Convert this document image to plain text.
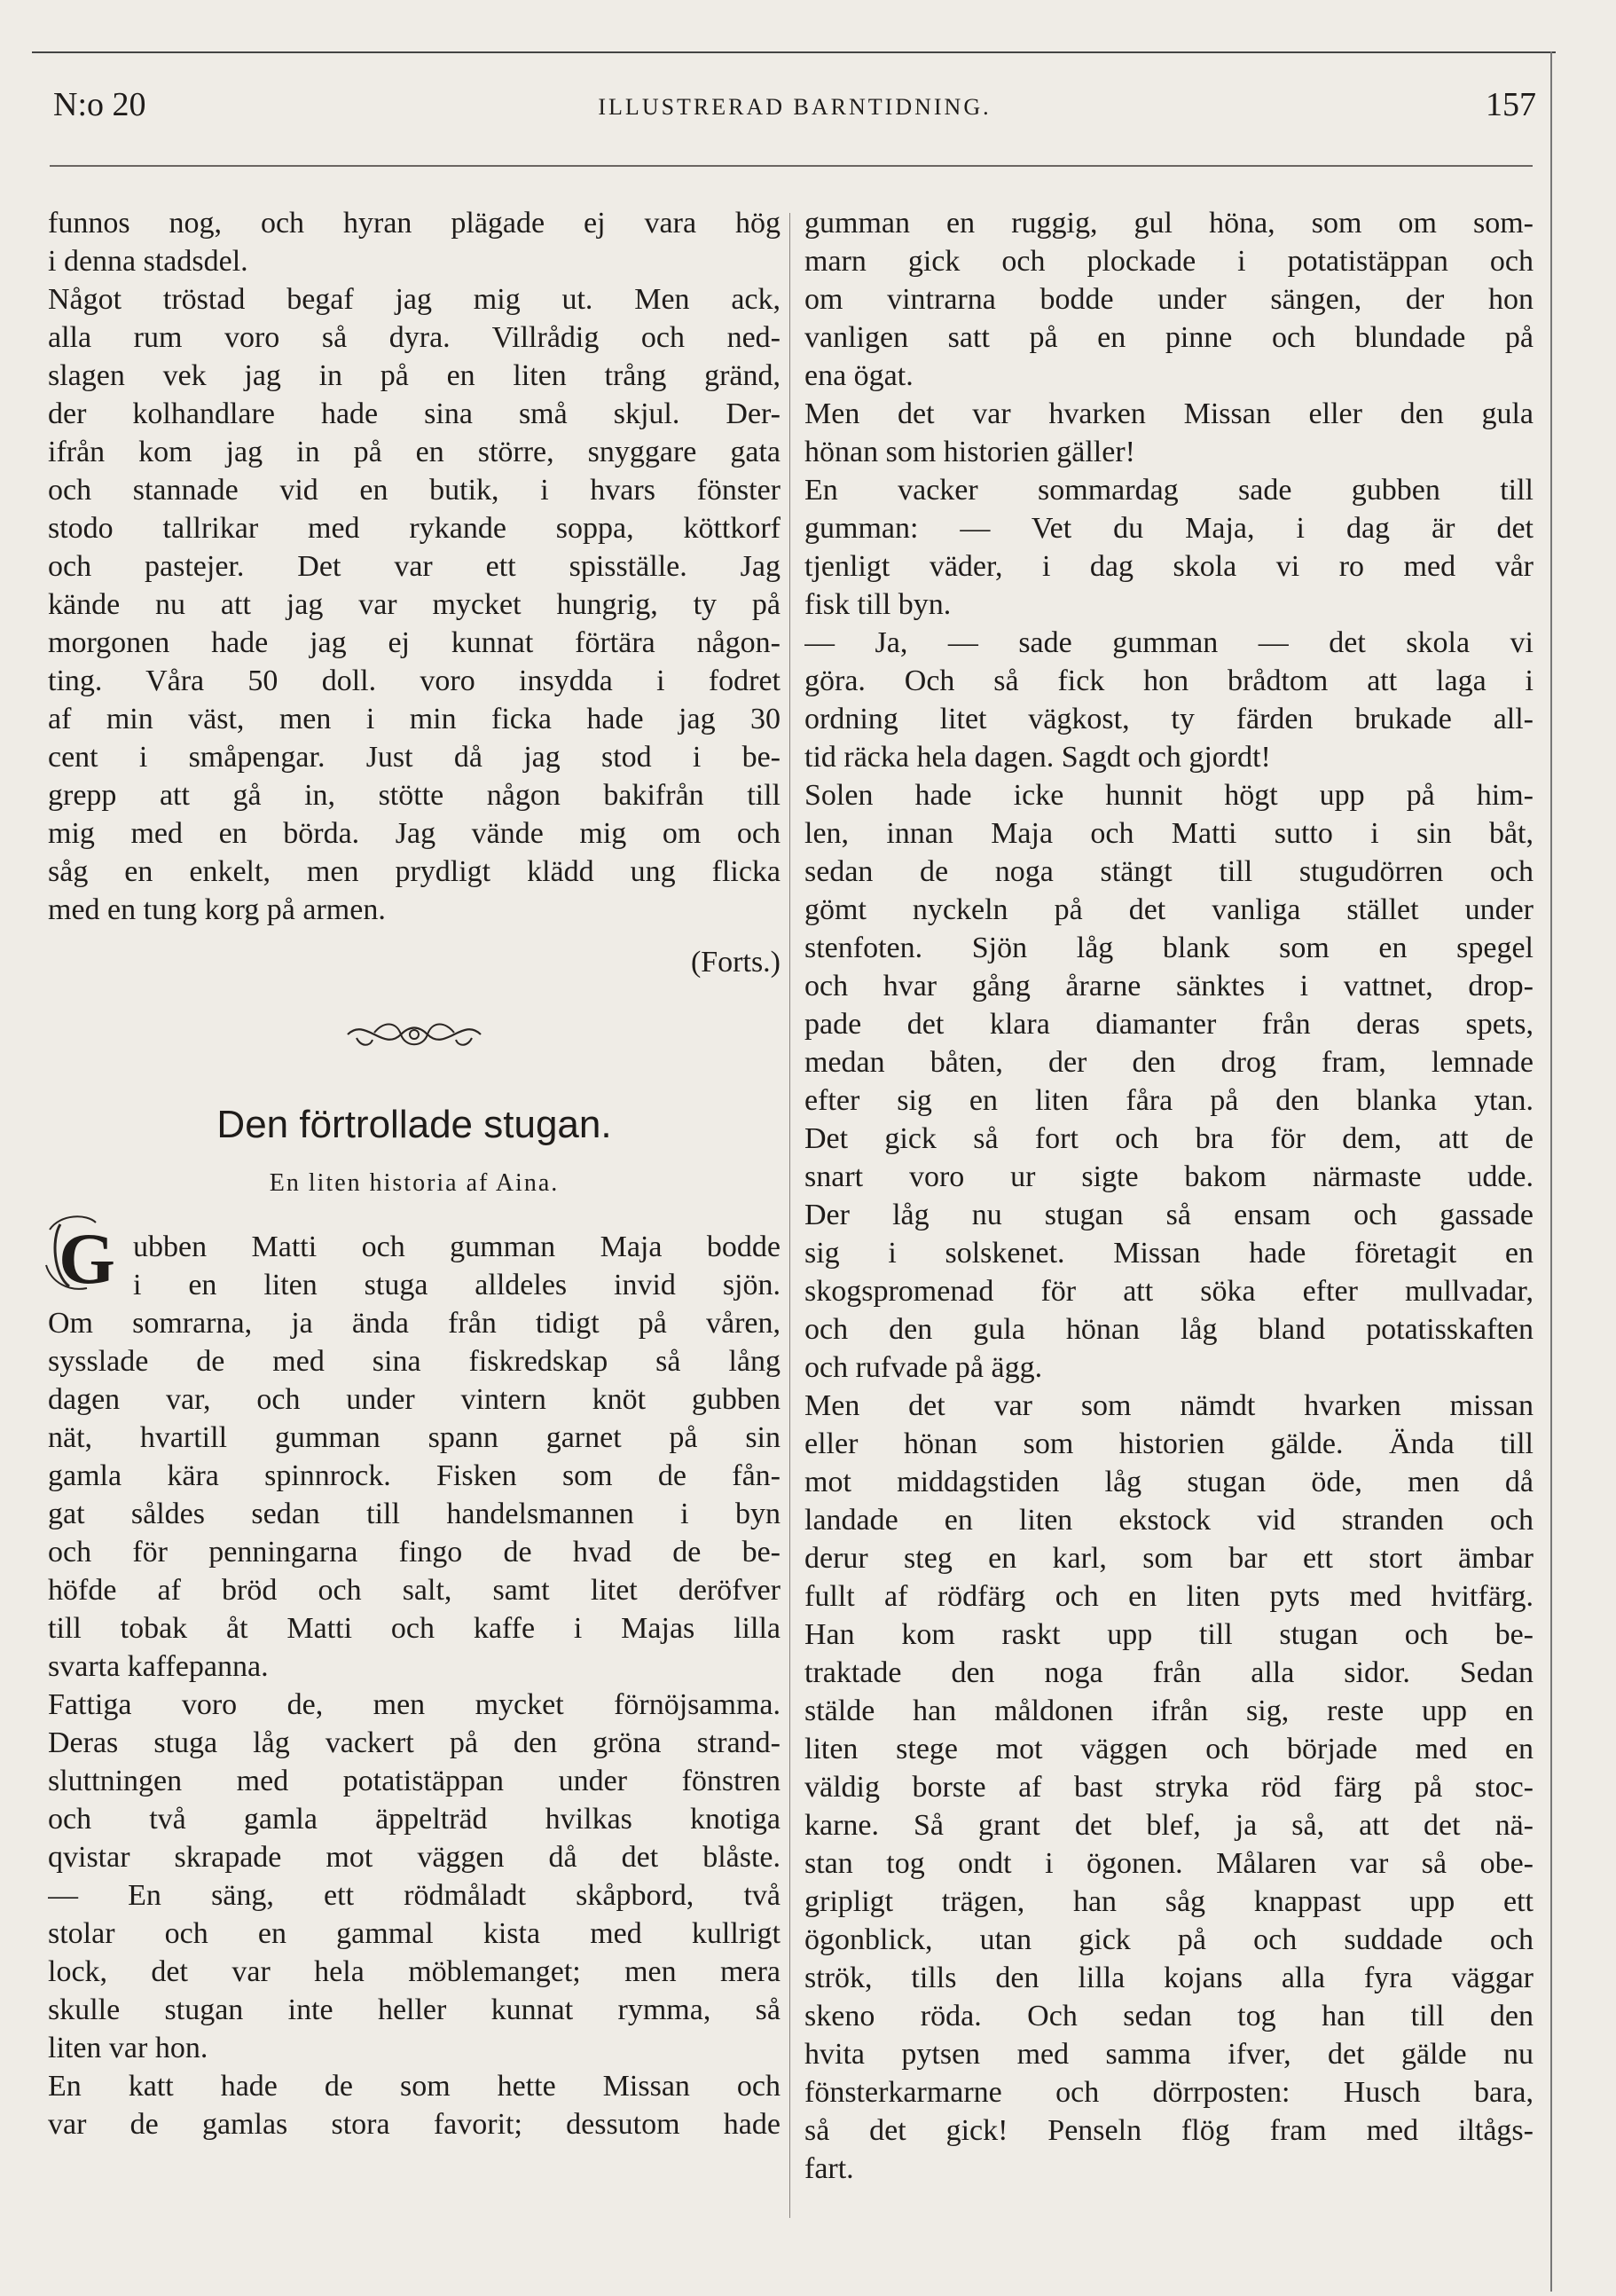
N:o 20	ILLUSTRERAD BARNTIDNING.	157
funnos nog, och hyran plägade ej vara hög
i denna stadsdel.
Något tröstad begaf jag mig ut. Men ack,
alla rum voro så dyra. Villrådig och ned-
slagen vek jag in på en liten trång gränd,
der kolhandlare hade sina små skjul. Der-
ifrån kom jag in på en större, snyggare gata
och stannade vid en butik, i hvars fönster
stodo tallrikar med rykande soppa, köttkorf
och pastejer. Det var ett spisställe. Jag
kände nu att jag var mycket hungrig, ty på
morgonen hade jag ej kunnat förtära någon-
ting. Våra 50 doll. voro insydda i fodret
af min väst, men i min ficka hade jag 30
cent i småpengar. Just då jag stod i be-
grepp att gå in, stötte någon bakifrån till
mig med en börda. Jag vände mig om och
såg en enkelt, men prydligt klädd ung flicka
med en tung korg på armen.
(Forts.)
Den förtrollade stugan.
En liten historia af Aina.
G ubben Matti och gumman Maja bodde
i en liten stuga alldeles invid sjön.
Om somrarna, ja ända från tidigt på våren,
sysslade de med sina fiskredskap så lång
dagen var, och under vintern knöt gubben
nät, hvartill gumman spann garnet på sin
gamla kära spinnrock. Fisken som de fån-
gat såldes sedan till handelsmannen i byn
och för penningarna fingo de hvad de be-
höfde af bröd och salt, samt litet deröfver
till tobak åt Matti och kaffe i Majas lilla
svarta kaffepanna.
Fattiga voro de, men mycket förnöjsamma.
Deras stuga låg vackert på den gröna strand-
sluttningen med potatistäppan under fönstren
och två gamla äppelträd hvilkas knotiga
qvistar skrapade mot väggen då det blåste.
— En säng, ett rödmåladt skåpbord, två
stolar och en gammal kista med kullrigt
lock, det var hela möblemanget; men mera
skulle stugan inte heller kunnat rymma, så
liten var hon.
En katt hade de som hette Missan och
var de gamlas stora favorit; dessutom hade
gumman en ruggig, gul höna, som om som-
marn gick och plockade i potatistäppan och
om vintrarna bodde under sängen, der hon
vanligen satt på en pinne och blundade på
ena ögat.
Men det var hvarken Missan eller den gula
hönan som historien gäller!
En vacker sommardag sade gubben till
gumman: — Vet du Maja, i dag är det
tjenligt väder, i dag skola vi ro med vår
fisk till byn.
— Ja, — sade gumman — det skola vi
göra. Och så fick hon brådtom att laga i
ordning litet vägkost, ty färden brukade all-
tid räcka hela dagen. Sagdt och gjordt!
Solen hade icke hunnit högt upp på him-
len, innan Maja och Matti sutto i sin båt,
sedan de noga stängt till stugudörren och
gömt nyckeln på det vanliga stället under
stenfoten. Sjön låg blank som en spegel
och hvar gång årarne sänktes i vattnet, drop-
pade det klara diamanter från deras spets,
medan båten, der den drog fram, lemnade
efter sig en liten fåra på den blanka ytan.
Det gick så fort och bra för dem, att de
snart voro ur sigte bakom närmaste udde.
Der låg nu stugan så ensam och gassade
sig i solskenet. Missan hade företagit en
skogspromenad för att söka efter mullvadar,
och den gula hönan låg bland potatisskaften
och rufvade på ägg.
Men det var som nämdt hvarken missan
eller hönan som historien gälde. Ända till
mot middagstiden låg stugan öde, men då
landade en liten ekstock vid stranden och
derur steg en karl, som bar ett stort ämbar
fullt af rödfärg och en liten pyts med hvitfärg.
Han kom raskt upp till stugan och be-
traktade den noga från alla sidor. Sedan
stälde han måldonen ifrån sig, reste upp en
liten stege mot väggen och började med en
väldig borste af bast stryka röd färg på stoc-
karne. Så grant det blef, ja så, att det nä-
stan tog ondt i ögonen. Målaren var så obe-
gripligt trägen, han såg knappast upp ett
ögonblick, utan gick på och suddade och
strök, tills den lilla kojans alla fyra väggar
skeno röda. Och sedan tog han till den
hvita pytsen med samma ifver, det gälde nu
fönsterkarmarne och dörrposten: Husch bara,
så det gick! Penseln flög fram med iltågs-
fart.
